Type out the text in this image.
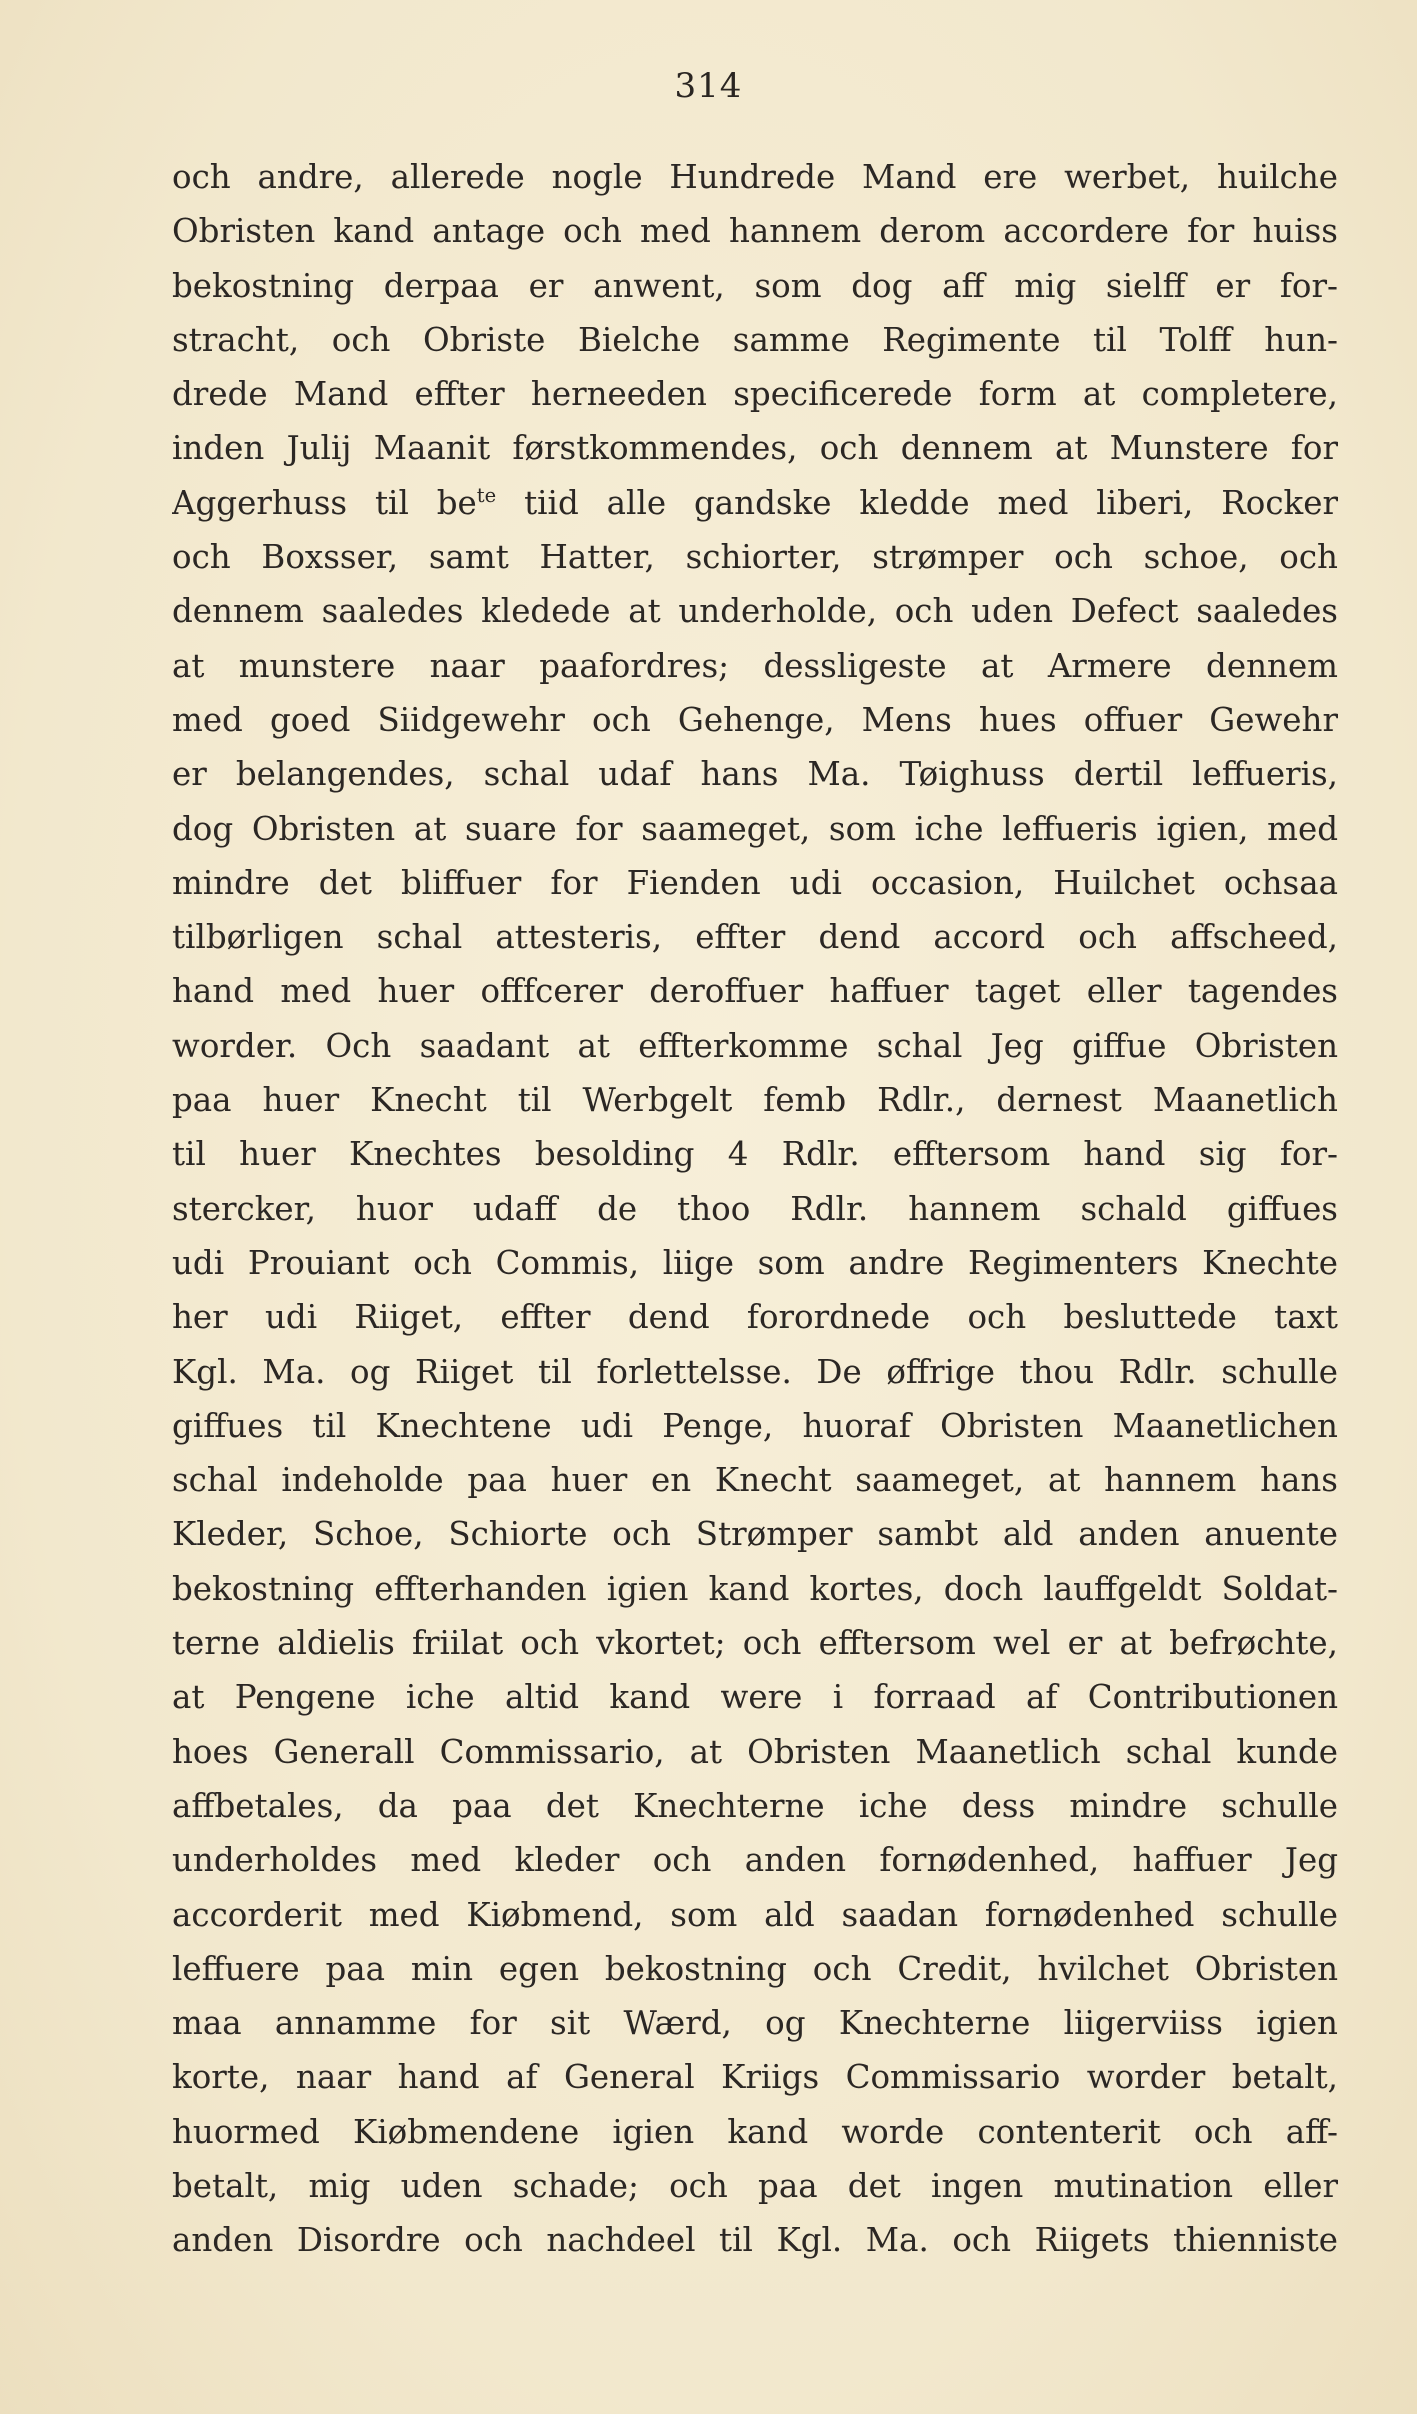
314
och andre, allerede nogle Hundrede Mand ere werbet, huilche
Obristen kand antage och med hannem derom accordere for huiss
bekostning derpaa er anwent, som dog aff mig sielff er for-
stracht, och Obriste Bielche samme Regimente til Tolff hun-
drede Mand effter herneeden specificerede form at completere,
inden Julij Maanit førstkommendes, och dennem at Munstere for
Aggerhuss til $be^{te}$ tiid alle gandske kledde med liberi, Rocker
och Boxsser, samt Hatter, schiorter, strømper och schoe, och
dennem saaledes kledede at underholde, och uden Defect saaledes
at munstere naar paafordres; dessligeste at Armere dennem
med goed Siidgewehr och Gehenge, Mens hues offuer Gewehr
er belangendes, schal udaf hans Ma. Tøighuss dertil leffueris,
dog Obristen at suare for saameget, som iche leffueris igien, med
mindre det bliffuer for Fienden udi occasion, Huilchet ochsaa
tilbørligen schal attesteris, effter dend accord och affscheed,
hand med huer offfcerer deroffuer haffuer taget eller tagendes
worder. Och saadant at effterkomme schal Jeg giffue Obristen
paa huer Knecht til Werbgelt femb Rdlr., dernest Maanetlich
til huer Knechtes besolding 4 Rdlr. efftersom hand sig for-
stercker, huor udaff de thoo Rdlr. hannem schald giffues
udi Prouiant och Commis, liige som andre Regimenters Knechte
her udi Riiget, effter dend forordnede och besluttede taxt
Kgl. Ma. og Riiget til forlettelsse. De øffrige thou Rdlr. schulle
giffues til Knechtene udi Penge, huoraf Obristen Maanetlichen
schal indeholde paa huer en Knecht saameget, at hannem hans
Kleder, Schoe, Schiorte och Strømper sambt ald anden anuente
bekostning effterhanden igien kand kortes, doch lauffgeldt Soldat-
terne aldielis friilat och vkortet; och efftersom wel er at befrøchte,
at Pengene iche altid kand were i forraad af Contributionen
hoes Generall Commissario, at Obristen Maanetlich schal kunde
affbetales, da paa det Knechterne iche dess mindre schulle
underholdes med kleder och anden fornødenhed, haffuer Jeg
accorderit med Kiøbmend, som ald saadan fornødenhed schulle
leffuere paa min egen bekostning och Credit, hvilchet Obristen
maa annamme for sit Wærd, og Knechterne liigerviiss igien
korte, naar hand af General Kriigs Commissario worder betalt,
huormed Kiøbmendene igien kand worde contenterit och aff-
betalt, mig uden schade; och paa det ingen mutination eller
anden Disordre och nachdeel til Kgl. Ma. och Riigets thienniste
